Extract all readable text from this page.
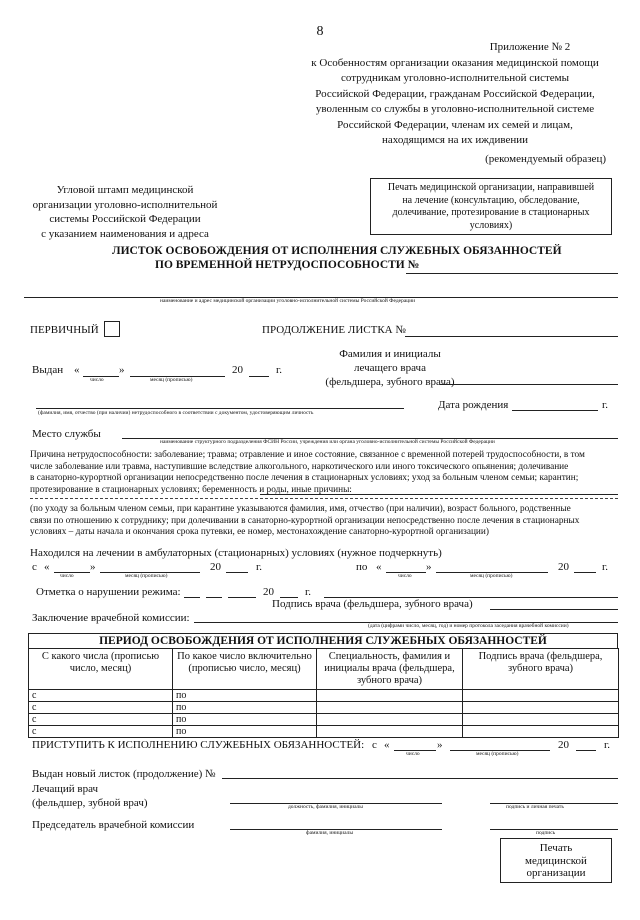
8
Приложение № 2
к Особенностям организации оказания медицинской помощи
сотрудникам уголовно-исполнительной системы
Российской Федерации, гражданам Российской Федерации,
уволенным со службы в уголовно-исполнительной системе
Российской Федерации, членам их семей и лицам,
находящимся на их иждивении
(рекомендуемый образец)
Угловой штамп медицинской
организации уголовно-исполнительной
системы Российской Федерации
с указанием наименования и адреса
Печать медицинской организации, направившей
на лечение (консультацию, обследование,
долечивание, протезирование в стационарных
условиях)
ЛИСТОК ОСВОБОЖДЕНИЯ ОТ ИСПОЛНЕНИЯ СЛУЖЕБНЫХ ОБЯЗАННОСТЕЙ
ПО ВРЕМЕННОЙ НЕТРУДОСПОСОБНОСТИ №
наименование и адрес медицинской организации уголовно-исполнительной системы Российской Федерации
ПЕРВИЧНЫЙ	ПРОДОЛЖЕНИЕ ЛИСТКА №
Выдан «	»	20	г.
число	месяц (прописью)
Фамилия и инициалы
лечащего врача
(фельдшера, зубного врача)
(фамилия, имя, отчество (при наличии) нетрудоспособного в соответствии с документом, удостоверяющим личность
Дата рождения	г.
Место службы
наименование структурного подразделения ФСИН России, учреждения или органа уголовно-исполнительной системы Российской Федерации
Причина нетрудоспособности: заболевание; травма; отравление и иное состояние, связанное с временной потерей трудоспособности, в том
числе заболевание или травма, наступившие вследствие алкогольного, наркотического или иного токсического опьянения; долечивание
в санаторно-курортной организации непосредственно после лечения в стационарных условиях; уход за больным членом семьи; карантин;
протезирование в стационарных условиях; беременность и роды, иные причины:
(по уходу за больным членом семьи, при карантине указываются фамилия, имя, отчество (при наличии), возраст больного, родственные
связи по отношению к сотруднику; при долечивании в санаторно-курортной организации непосредственно после лечения в стационарных
условиях – даты начала и окончания срока путевки, ее номер, местонахождение санаторно-курортной организации)
Находился на лечении в амбулаторных (стационарных) условиях (нужное подчеркнуть)
с «	»	20	г.
число	месяц (прописью)
по «	»	20	г.
число	месяц (прописью)
Отметка о нарушении режима:	20	г.
Подпись врача (фельдшера, зубного врача)
Заключение врачебной комиссии:
(дата (цифрами число, месяц, год) и номер протокола заседания врачебной комиссии)
ПЕРИОД ОСВОБОЖДЕНИЯ ОТ ИСПОЛНЕНИЯ СЛУЖЕБНЫХ ОБЯЗАННОСТЕЙ
С какого числа (прописью число, месяц)	По какое число включительно (прописью число, месяц)	Специальность, фамилия и инициалы врача (фельдшера, зубного врача)	Подпись врача (фельдшера, зубного врача)
с	по		
с	по		
с	по		
с	по		
ПРИСТУПИТЬ К ИСПОЛНЕНИЮ СЛУЖЕБНЫХ ОБЯЗАННОСТЕЙ: с «	»	20	г.
число	месяц (прописью)
Выдан новый листок (продолжение) №
Лечащий врач
(фельдшер, зубной врач)	должность, фамилия, инициалы	подпись и личная печать
Председатель врачебной комиссии
фамилия, инициалы	подпись
Печать
медицинской
организации
